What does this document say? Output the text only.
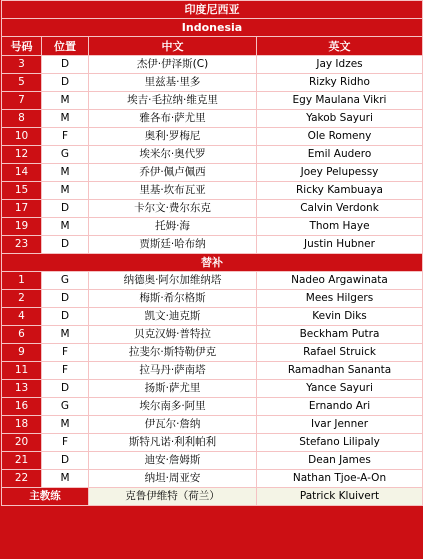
印度尼西亚			
Indonesia			
号码	位置	中文	英文
3	D	杰伊·伊泽斯(C)	Jay Idzes
5	D	里兹基·里多	Rizky Ridho
7	M	埃吉·毛拉纳·维克里	Egy Maulana Vikri
8	M	雅各布·萨尤里	Yakob Sayuri
10	F	奥利·罗梅尼	Ole Romeny
12	G	埃米尔·奥代罗	Emil Audero
14	M	乔伊·佩卢佩西	Joey Pelupessy
15	M	里基·坎布瓦亚	Ricky Kambuaya
17	D	卡尔文·费尔东克	Calvin Verdonk
19	M	托姆·海	Thom Haye
23	D	贾斯廷·哈布纳	Justin Hubner
替补			
1	G	纳德奥·阿尔加维纳塔	Nadeo Argawinata
2	D	梅斯·希尔格斯	Mees Hilgers
4	D	凯文·迪克斯	Kevin Diks
6	M	贝克汉姆·普特拉	Beckham Putra
9	F	拉斐尔·斯特勒伊克	Rafael Struick
11	F	拉马丹·萨南塔	Ramadhan Sananta
13	D	扬斯·萨尤里	Yance Sayuri
16	G	埃尔南多·阿里	Ernando Ari
18	M	伊瓦尔·詹纳	Ivar Jenner
20	F	斯特凡诺·利利帕利	Stefano Lilipaly
21	D	迪安·詹姆斯	Dean James
22	M	纳坦·周亚安	Nathan Tjoe-A-On
主教练		克鲁伊维特（荷兰）	Patrick Kluivert
